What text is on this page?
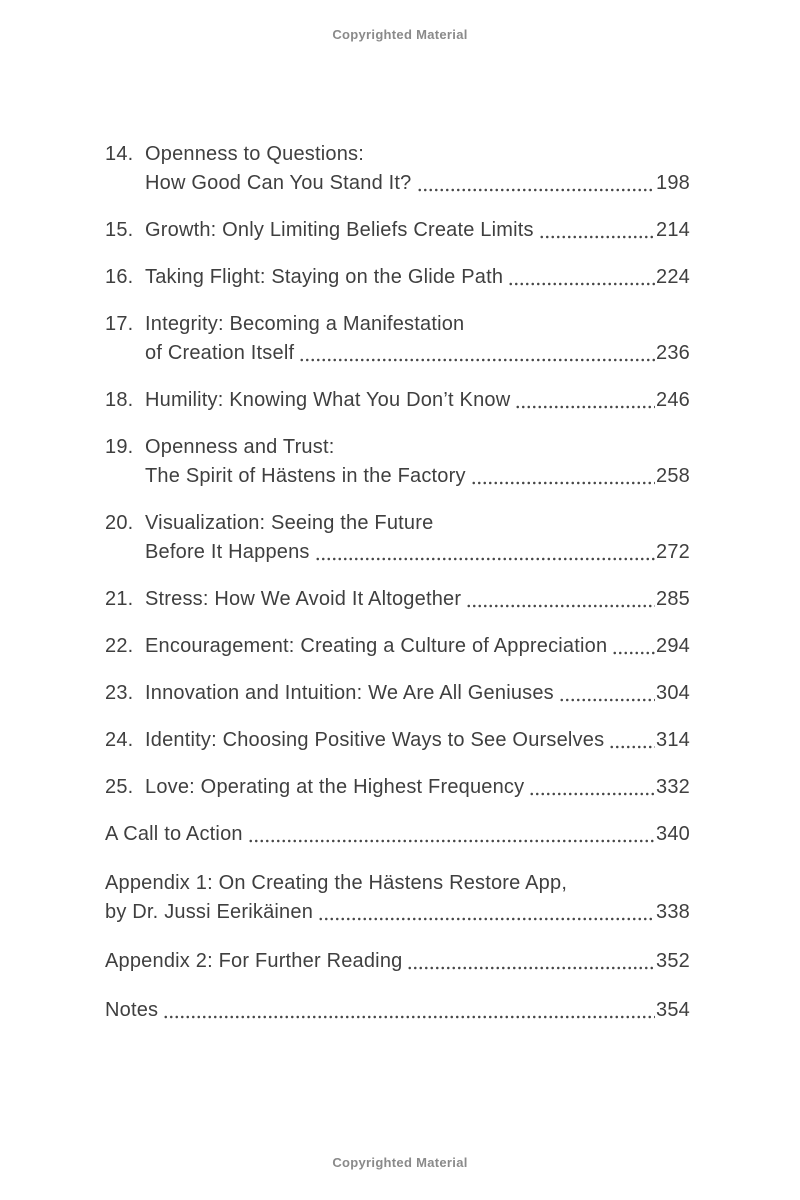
Copyrighted Material
14. Openness to Questions:
How Good Can You Stand It?	198
15. Growth: Only Limiting Beliefs Create Limits	214
16. Taking Flight: Staying on the Glide Path	224
17. Integrity: Becoming a Manifestation
of Creation Itself	236
18. Humility: Knowing What You Don’t Know	246
19. Openness and Trust:
The Spirit of Hästens in the Factory	258
20. Visualization: Seeing the Future
Before It Happens	272
21. Stress: How We Avoid It Altogether	285
22. Encouragement: Creating a Culture of Appreciation 294
23. Innovation and Intuition: We Are All Geniuses	304
24. Identity: Choosing Positive Ways to See Ourselves	314
25. Love: Operating at the Highest Frequency	332
A Call to Action	340
Appendix 1: On Creating the Hästens Restore App,
by Dr. Jussi Eerikäinen	338
Appendix 2: For Further Reading	352
Notes	354
Copyrighted Material
